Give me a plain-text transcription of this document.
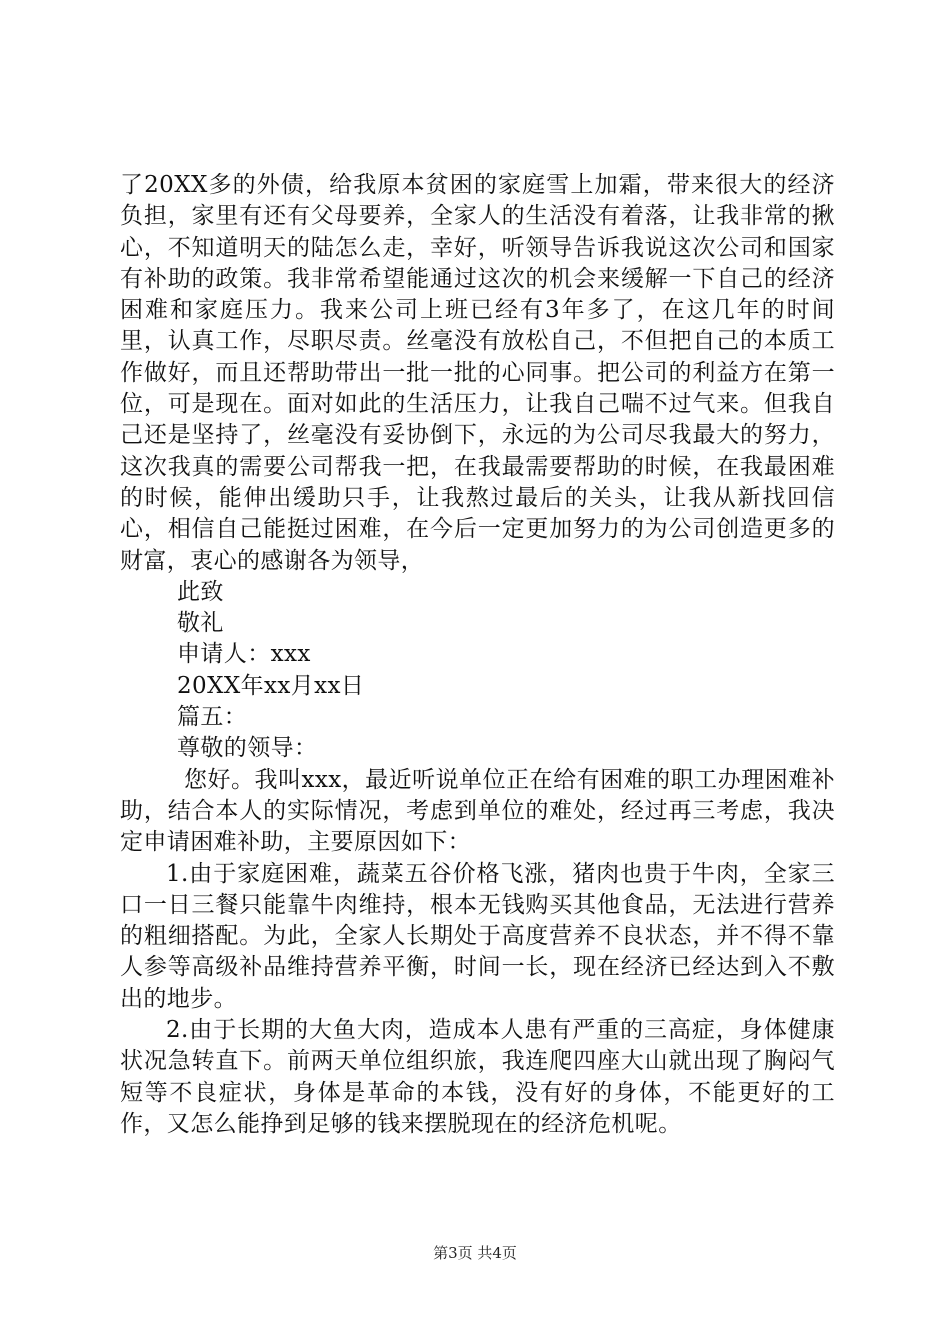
了20XX多的外债，给我原本贫困的家庭雪上加霜，带来很大的经济负担，家里有还有父母要养，全家人的生活没有着落，让我非常的揪心，不知道明天的陆怎么走，幸好，听领导告诉我说这次公司和国家有补助的政策。我非常希望能通过这次的机会来缓解一下自己的经济困难和家庭压力。我来公司上班已经有3年多了，在这几年的时间里，认真工作，尽职尽责。丝毫没有放松自己，不但把自己的本质工作做好，而且还帮助带出一批一批的心同事。把公司的利益方在第一位，可是现在。面对如此的生活压力，让我自己喘不过气来。但我自己还是坚持了，丝毫没有妥协倒下，永远的为公司尽我最大的努力，这次我真的需要公司帮我一把，在我最需要帮助的时候，在我最困难的时候，能伸出缓助只手，让我熬过最后的关头，让我从新找回信心，相信自己能挺过困难，在今后一定更加努力的为公司创造更多的财富，衷心的感谢各为领导，

此致

敬礼

申请人：xxx

20XX年xx月xx日

篇五：

尊敬的领导：

您好。我叫xxx，最近听说单位正在给有困难的职工办理困难补助，结合本人的实际情况，考虑到单位的难处，经过再三考虑，我决定申请困难补助，主要原因如下：

1.由于家庭困难，蔬菜五谷价格飞涨，猪肉也贵于牛肉，全家三口一日三餐只能靠牛肉维持，根本无钱购买其他食品，无法进行营养的粗细搭配。为此，全家人长期处于高度营养不良状态，并不得不靠人参等高级补品维持营养平衡，时间一长，现在经济已经达到入不敷出的地步。

2.由于长期的大鱼大肉，造成本人患有严重的三高症，身体健康状况急转直下。前两天单位组织旅，我连爬四座大山就出现了胸闷气短等不良症状，身体是革命的本钱，没有好的身体，不能更好的工作，又怎么能挣到足够的钱来摆脱现在的经济危机呢。

第3页 共4页
